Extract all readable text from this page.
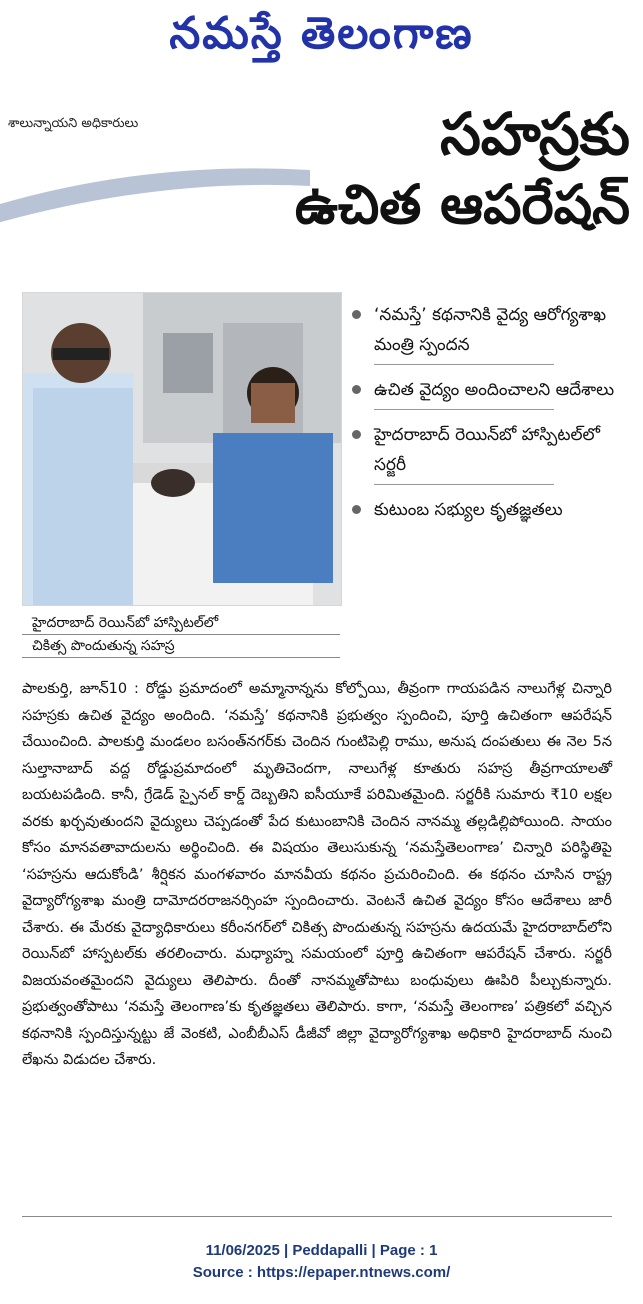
నమస్తే తెలంగాణ
శాలున్నాయని అధికారులు	సహస్రకు
ఉచిత ఆపరేషన్
హైదరాబాద్ రెయిన్‌బో హాస్పిటల్‌లో
చికిత్స పొందుతున్న సహస్ర
‘నమస్తే’ కథనానికి వైద్య ఆరోగ్యశాఖ మంత్రి స్పందన
ఉచిత వైద్యం అందించాలని ఆదేశాలు
హైదరాబాద్ రెయిన్‌బో హాస్పిటల్‌లో సర్జరీ
కుటుంబ సభ్యుల కృతజ్ఞతలు

పాలకుర్తి, జూన్10 : రోడ్డు ప్రమాదంలో అమ్మానాన్నను కోల్పోయి, తీవ్రంగా గాయపడిన నాలుగేళ్ల చిన్నారి సహస్రకు ఉచిత వైద్యం అందింది. ‘నమస్తే’ కథనానికి ప్రభుత్వం స్పందించి, పూర్తి ఉచితంగా ఆపరేషన్ చేయించింది. పాలకుర్తి మండలం బసంత్‌నగర్‌కు చెందిన గుంటిపెల్లి రాము, అనుష దంపతులు ఈ నెల 5న సుల్తానాబాద్ వద్ద రోడ్డుప్రమాదంలో మృతిచెందగా, నాలుగేళ్ల కూతురు సహస్ర తీవ్రగాయాలతో బయటపడింది. కానీ, గ్రేడెడ్ స్పైనల్ కార్డ్ దెబ్బతిని ఐసీయూకే పరిమితమైంది. సర్జరీకి సుమారు ₹10 లక్షల వరకు ఖర్చవుతుందని వైద్యులు చెప్పడంతో పేద కుటుంబానికి చెందిన నానమ్మ తల్లడిల్లిపోయింది. సాయం కోసం మానవతావాదులను అర్థించింది. ఈ విషయం తెలుసుకున్న ‘నమస్తేతెలంగాణ’ చిన్నారి పరిస్థితిపై ‘సహస్రను ఆదుకోండి’ శీర్షికన మంగళవారం మానవీయ కథనం ప్రచురించింది. ఈ కథనం చూసిన రాష్ట్ర వైద్యారోగ్యశాఖ మంత్రి దామోదరరాజనర్సింహ స్పందించారు. వెంటనే ఉచిత వైద్యం కోసం ఆదేశాలు జారీ చేశారు. ఈ మేరకు వైద్యాధికారులు కరీంనగర్‌లో చికిత్స పొందుతున్న సహస్రను ఉదయమే హైదరాబాద్‌లోని రెయిన్‌బో హాస్పటల్‌కు తరలించారు. మధ్యాహ్న సమయంలో పూర్తి ఉచితంగా ఆపరేషన్ చేశారు. సర్జరీ విజయవంతమైందని వైద్యులు తెలిపారు. దీంతో నానమ్మతోపాటు బంధువులు ఊపిరి పీల్చుకున్నారు. ప్రభుత్వంతోపాటు ‘నమస్తే తెలంగాణ’కు కృతజ్ఞతలు తెలిపారు. కాగా, ‘నమస్తే తెలంగాణ’ పత్రికలో వచ్చిన కథనానికి స్పందిస్తున్నట్టు జే వెంకటి, ఎంబీబీఎస్ డీజీవో జిల్లా వైద్యారోగ్యశాఖ అధికారి హైదరాబాద్ నుంచి లేఖను విడుదల చేశారు.

11/06/2025 | Peddapalli | Page : 1
Source : https://epaper.ntnews.com/
